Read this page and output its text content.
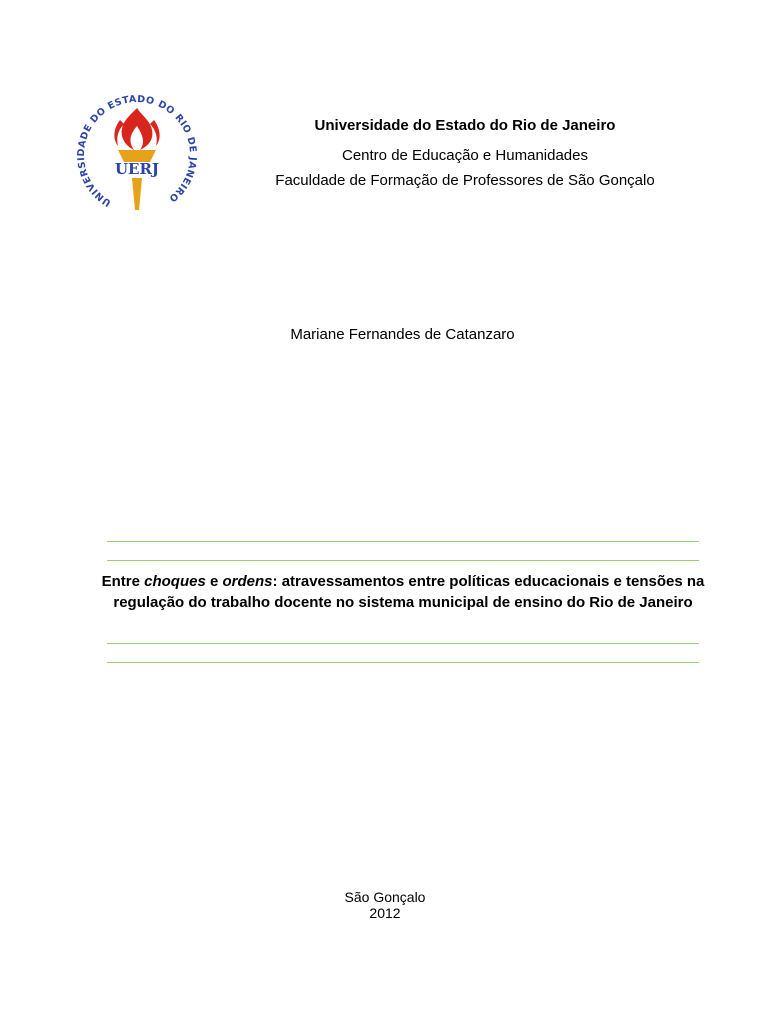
UNIVERSIDADE DO ESTADO DO RIO DE JANEIRO
UERJ
Universidade do Estado do Rio de Janeiro
Centro de Educação e Humanidades
Faculdade de Formação de Professores de São Gonçalo
Mariane Fernandes de Catanzaro
Entre choques e ordens: atravessamentos entre políticas educacionais e tensões na regulação do trabalho docente no sistema municipal de ensino do Rio de Janeiro
São Gonçalo
2012
